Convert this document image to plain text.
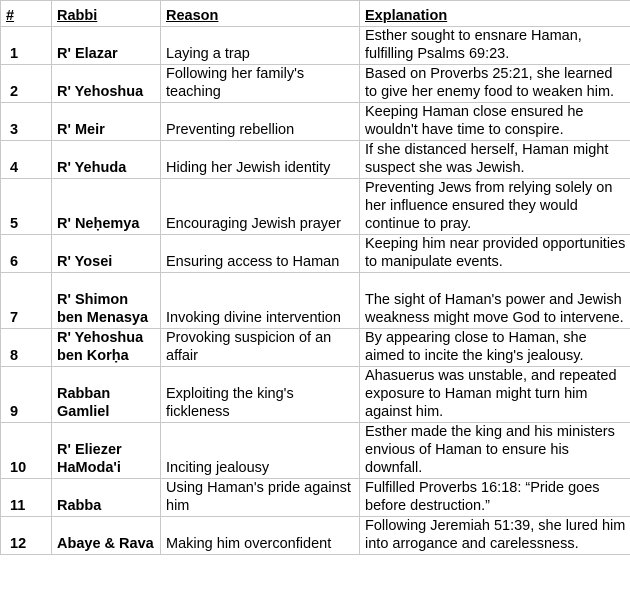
#	Rabbi	Reason	Explanation
1	R' Elazar	Laying a trap	Esther sought to ensnare Haman, fulfilling Psalms 69:23.
2	R' Yehoshua	Following her family's teaching	Based on Proverbs 25:21, she learned to give her enemy food to weaken him.
3	R' Meir	Preventing rebellion	Keeping Haman close ensured he wouldn't have time to conspire.
4	R' Yehuda	Hiding her Jewish identity	If she distanced herself, Haman might suspect she was Jewish.
5	R' Neḥemya	Encouraging Jewish prayer	Preventing Jews from relying solely on her influence ensured they would continue to pray.
6	R' Yosei	Ensuring access to Haman	Keeping him near provided opportunities to manipulate events.
7	R' Shimon ben Menasya	Invoking divine intervention	The sight of Haman's power and Jewish weakness might move God to intervene.
8	R' Yehoshua ben Korḥa	Provoking suspicion of an affair	By appearing close to Haman, she aimed to incite the king's jealousy.
9	Rabban Gamliel	Exploiting the king's fickleness	Ahasuerus was unstable, and repeated exposure to Haman might turn him against him.
10	R' Eliezer HaModa'i	Inciting jealousy	Esther made the king and his ministers envious of Haman to ensure his downfall.
11	Rabba	Using Haman's pride against him	Fulfilled Proverbs 16:18: “Pride goes before destruction.”
12	Abaye & Rava	Making him overconfident	Following Jeremiah 51:39, she lured him into arrogance and carelessness.
